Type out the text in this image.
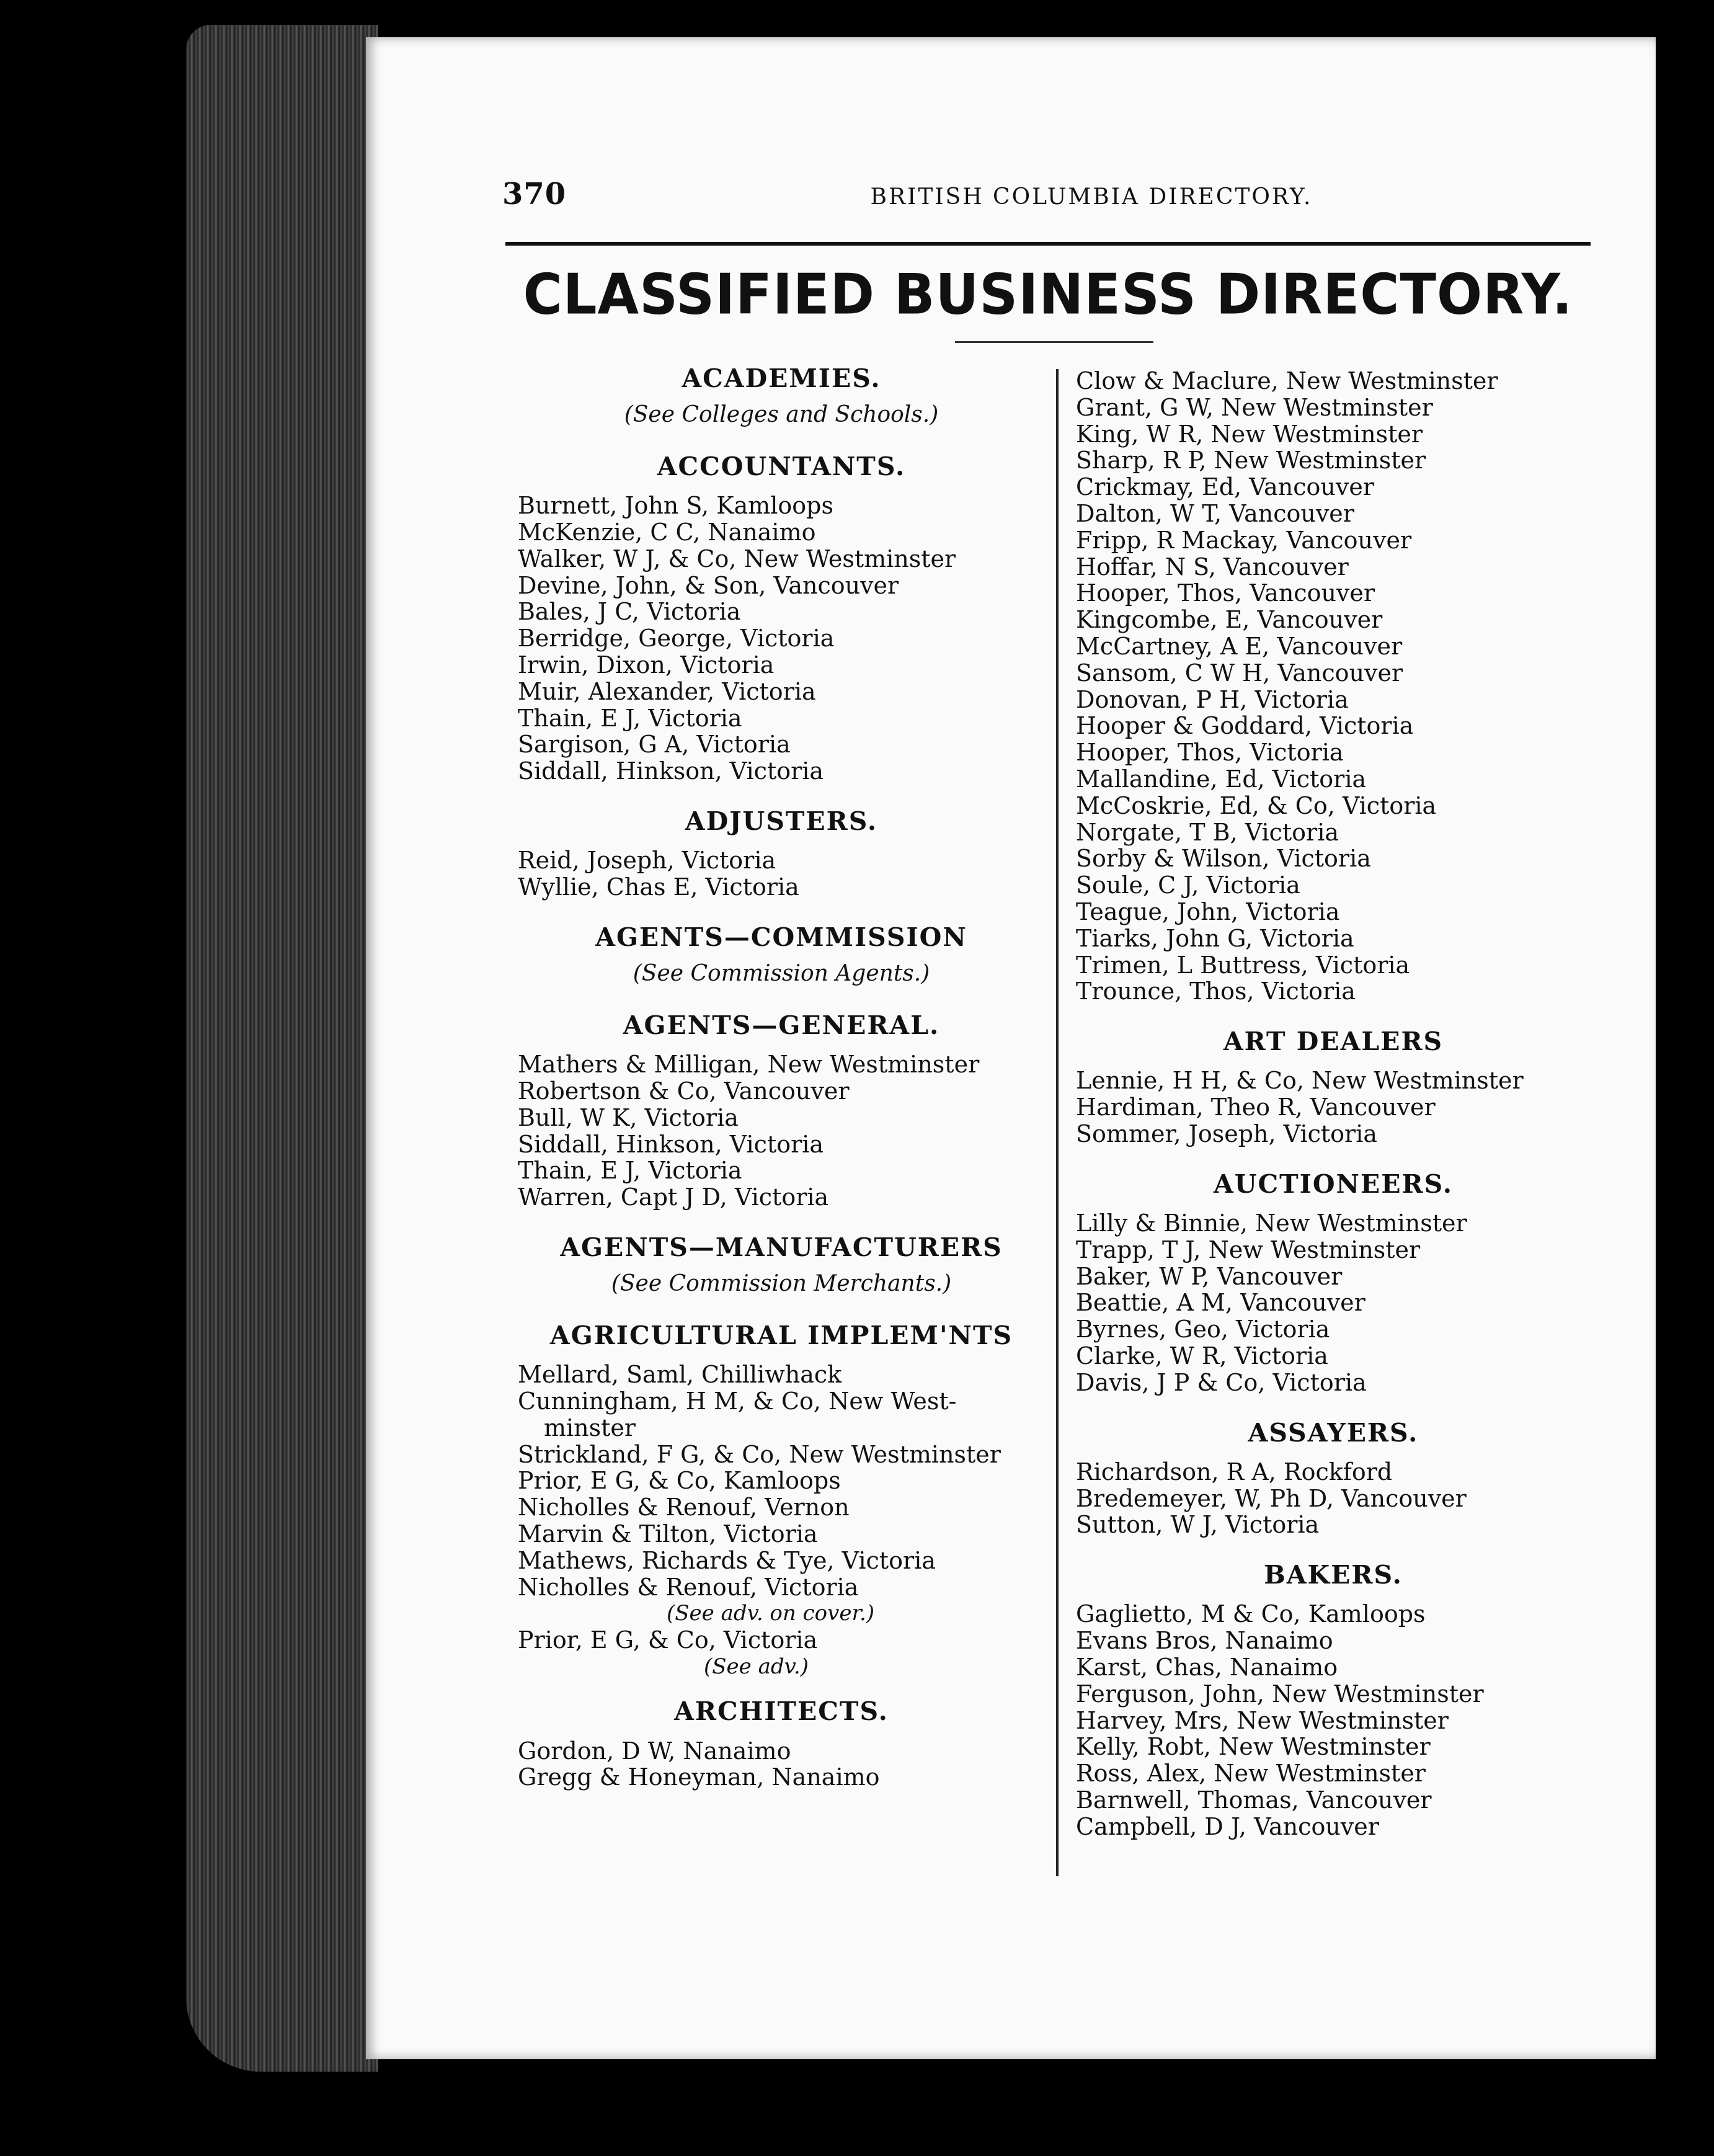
370	BRITISH COLUMBIA DIRECTORY.
CLASSIFIED BUSINESS DIRECTORY.
ACADEMIES.
(See Colleges and Schools.)
ACCOUNTANTS.
Burnett, John S, Kamloops
McKenzie, C C, Nanaimo
Walker, W J, & Co, New Westminster
Devine, John, & Son, Vancouver
Bales, J C, Victoria
Berridge, George, Victoria
Irwin, Dixon, Victoria
Muir, Alexander, Victoria
Thain, E J, Victoria
Sargison, G A, Victoria
Siddall, Hinkson, Victoria
ADJUSTERS.
Reid, Joseph, Victoria
Wyllie, Chas E, Victoria
AGENTS—COMMISSION
(See Commission Agents.)
AGENTS—GENERAL.
Mathers & Milligan, New Westminster
Robertson & Co, Vancouver
Bull, W K, Victoria
Siddall, Hinkson, Victoria
Thain, E J, Victoria
Warren, Capt J D, Victoria
AGENTS—MANUFACTURERS
(See Commission Merchants.)
AGRICULTURAL IMPLEM'NTS
Mellard, Saml, Chilliwhack
Cunningham, H M, & Co, New West-
minster
Strickland, F G, & Co, New Westminster
Prior, E G, & Co, Kamloops
Nicholles & Renouf, Vernon
Marvin & Tilton, Victoria
Mathews, Richards & Tye, Victoria
Nicholles & Renouf, Victoria
(See adv. on cover.)
Prior, E G, & Co, Victoria
(See adv.)
ARCHITECTS.
Gordon, D W, Nanaimo
Gregg & Honeyman, Nanaimo
Clow & Maclure, New Westminster
Grant, G W, New Westminster
King, W R, New Westminster
Sharp, R P, New Westminster
Crickmay, Ed, Vancouver
Dalton, W T, Vancouver
Fripp, R Mackay, Vancouver
Hoffar, N S, Vancouver
Hooper, Thos, Vancouver
Kingcombe, E, Vancouver
McCartney, A E, Vancouver
Sansom, C W H, Vancouver
Donovan, P H, Victoria
Hooper & Goddard, Victoria
Hooper, Thos, Victoria
Mallandine, Ed, Victoria
McCoskrie, Ed, & Co, Victoria
Norgate, T B, Victoria
Sorby & Wilson, Victoria
Soule, C J, Victoria
Teague, John, Victoria
Tiarks, John G, Victoria
Trimen, L Buttress, Victoria
Trounce, Thos, Victoria
ART DEALERS
Lennie, H H, & Co, New Westminster
Hardiman, Theo R, Vancouver
Sommer, Joseph, Victoria
AUCTIONEERS.
Lilly & Binnie, New Westminster
Trapp, T J, New Westminster
Baker, W P, Vancouver
Beattie, A M, Vancouver
Byrnes, Geo, Victoria
Clarke, W R, Victoria
Davis, J P & Co, Victoria
ASSAYERS.
Richardson, R A, Rockford
Bredemeyer, W, Ph D, Vancouver
Sutton, W J, Victoria
BAKERS.
Gaglietto, M & Co, Kamloops
Evans Bros, Nanaimo
Karst, Chas, Nanaimo
Ferguson, John, New Westminster
Harvey, Mrs, New Westminster
Kelly, Robt, New Westminster
Ross, Alex, New Westminster
Barnwell, Thomas, Vancouver
Campbell, D J, Vancouver
